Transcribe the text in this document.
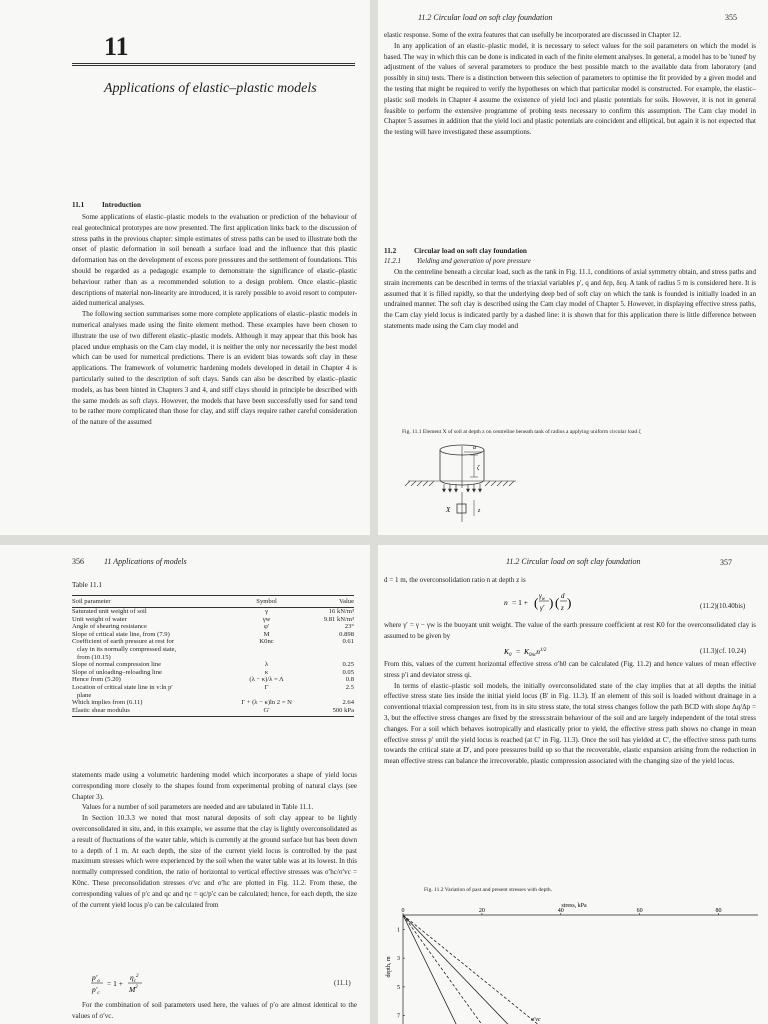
11
Applications of elastic–plastic models
11.1 Introduction

Some applications of elastic–plastic models to the evaluation or prediction of the behaviour of real geotechnical prototypes are now presented. The first application links back to the discussion of stress paths in the previous chapter: simple estimates of stress paths can be used to illustrate both the onset of plastic deformation in soil beneath a surface load and the influence that this plastic deformation has on the development of excess pore pressures and the settlement of foundations. This should be regarded as a pedagogic example to demonstrate the significance of elastic–plastic behaviour rather than as a recommended solution to a design problem. Once elastic–plastic descriptions of material non-linearity are introduced, it is rarely possible to avoid resort to computer-aided numerical analyses.

The following section summarises some more complete applications of elastic–plastic models in numerical analyses made using the finite element method. These examples have been chosen to illustrate the use of two different elastic–plastic models. Although it may appear that this book has placed undue emphasis on the Cam clay model, it is neither the only nor necessarily the best model which can be used for numerical predictions. There is an evident bias towards soft clay in these applications. The framework of volumetric hardening models developed in detail in Chapter 4 is particularly suited to the description of soft clays. Sands can also be described by elastic–plastic models, as has been hinted in Chapters 3 and 4, and stiff clays should in principle be described with the same models as soft clays. However, the models that have been successfully used for sand tend to be rather more complicated than those for clay, and stiff clays require rather careful consideration of the nature of the assumed

11.2 Circular load on soft clay foundation	355

elastic response. Some of the extra features that can usefully be incorporated are discussed in Chapter 12.

In any application of an elastic–plastic model, it is necessary to select values for the soil parameters on which the model is based. The way in which this can be done is indicated in each of the finite element analyses. In general, a model has to be 'tuned' by adjustment of the values of several parameters to produce the best possible match to the available data from laboratory (and possibly in situ) tests. There is a distinction between this selection of parameters to optimise the fit provided by a given model and the testing that might be required to verify the hypotheses on which that particular model is constructed. For example, the elastic–plastic soil models in Chapter 4 assume the existence of yield loci and plastic potentials for soils. However, it is not in general feasible to perform the extensive programme of probing tests necessary to confirm this assumption. The Cam clay model in Chapter 5 assumes in addition that the yield loci and plastic potentials are coincident and elliptical, but again it is not expected that the testing will have investigated these assumptions.

11.2 Circular load on soft clay foundation
11.2.1 Yielding and generation of pore pressure

On the centreline beneath a circular load, such as the tank in Fig. 11.1, conditions of axial symmetry obtain, and stress paths and strain increments can be described in terms of the triaxial variables p′, q and δεp, δεq. A tank of radius 5 m is considered here. It is assumed that it is filled rapidly, so that the underlying deep bed of soft clay on which the tank is founded is initially loaded in an undrained manner. The soft clay is described using the Cam clay model of Chapter 5. However, in displaying effective stress paths, the Cam clay yield locus is indicated partly by a dashed line: it is shown that for this application there is little difference between statements made using the Cam clay model and

Fig. 11.1 Element X of soil at depth z on centreline beneath tank of radius a applying uniform circular load ζ
a
ζ
X	z
356	11 Applications of models
Table 11.1
Soil parameter	Symbol	Value
Saturated unit weight of soil	γ	16 kN/m³
Unit weight of water	γw	9.81 kN/m³
Angle of shearing resistance	φ′	23°
Slope of critical state line, from (7.9)	M	0.898
Coefficient of earth pressure at rest for	K0nc	0.61
clay in its normally compressed state,		
from (10.15)		
Slope of normal compression line	λ	0.25
Slope of unloading–reloading line	κ	0.05
Hence from (5.20)	(λ − κ)/λ = Λ	0.8
Location of critical state line in v:ln p′	Γ	2.5
plane		
Which implies from (6.11)	Γ + (λ − κ)ln 2 = N	2.64
Elastic shear modulus	G′	500 kPa

statements made using a volumetric hardening model which incorporates a shape of yield locus corresponding more closely to the shapes found from experimental probing of natural clays (see Chapter 3).

Values for a number of soil parameters are needed and are tabulated in Table 11.1.

In Section 10.3.3 we noted that most natural deposits of soft clay appear to be lightly overconsolidated in situ, and, in this example, we assume that the clay is lightly overconsolidated as a result of fluctuations of the water table, which is currently at the ground surface but has been down to a depth of 1 m. At each depth, the size of the current yield locus is controlled by the past maximum stresses which were experienced by the soil when the water table was at its lowest. In this normally compressed condition, the ratio of horizontal to vertical effective stresses was σ′hc/σ′vc = K0nc. These preconsolidation stresses σ′vc and σ′hc are plotted in Fig. 11.2. From these, the corresponding values of p′c and qc and ηc = qc/p′c can be calculated; hence, for each depth, the size of the current yield locus p′o can be calculated from

$p'_o$
$p'_c$
= 1 +
$\eta_c^2$
$M^2$
(11.1)

For the combination of soil parameters used here, the values of p′o are almost identical to the values of σ′vc.

11.2 Circular load on soft clay foundation	357

d = 1 m, the overconsolidation ratio n at depth z is

n = 1 + ( $\gamma_w$
γ′ ) ( d
z )	(11.2)(10.40bis)

where γ′ = γ − γw is the buoyant unit weight. The value of the earth pressure coefficient at rest K0 for the overconsolidated clay is assumed to be given by

$K_0 = K_{0nc}n^{1/2}$	(11.3)(cf. 10.24)

From this, values of the current horizontal effective stress σ′h0 can be calculated (Fig. 11.2) and hence values of mean effective stress p′i and deviator stress qi.

In terms of elastic–plastic soil models, the initially overconsolidated state of the clay implies that at all depths the initial effective stress state lies inside the initial yield locus (B′ in Fig. 11.3). If an element of this soil is loaded without drainage in a conventional triaxial compression test, from its in situ stress state, the total stress changes follow the path BCD with slope Δq/Δp = 3, but the effective stress changes are fixed by the stress:strain behaviour of the soil and are largely independent of the total stress changes. For a soil which behaves isotropically and elastically prior to yield, the effective stress path shows no change in mean effective stress p′ until the yield locus is reached (at C′ in Fig. 11.3). Once the soil has yielded at C′, the effective stress path turns towards the critical state at D′, and pore pressures build up so that the recoverable, elastic expansion arising from the reduction in mean effective stress can balance the irrecoverable, plastic compression associated with the changing size of the yield locus.

Fig. 11.2 Variation of past and present stresses with depth.
stress, kPa
depth, m
0	20	40	60	80
1
3
5
7
σ′vc
